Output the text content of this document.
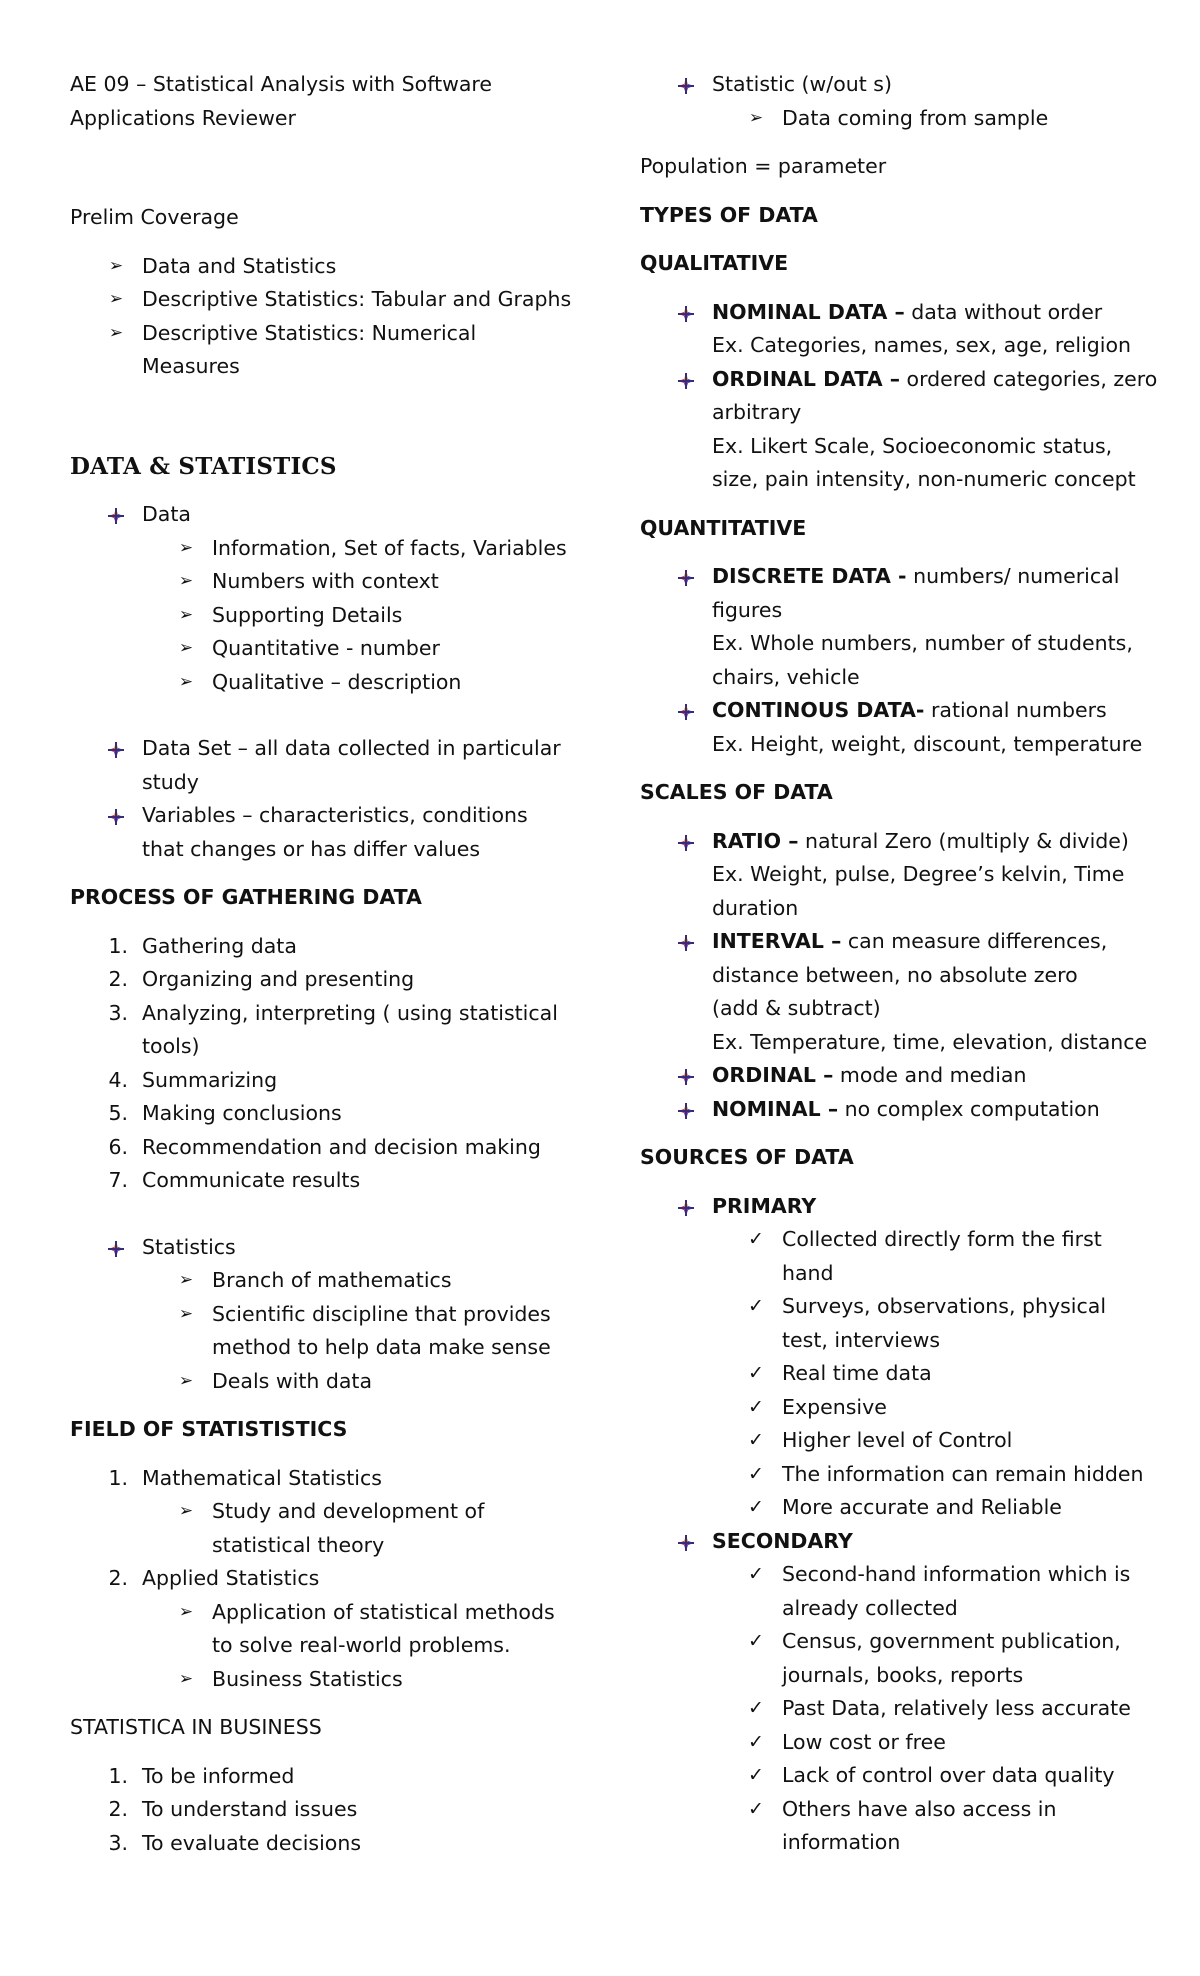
AE 09 – Statistical Analysis with Software

Applications Reviewer

Prelim Coverage

➢ Data and Statistics
➢ Descriptive Statistics: Tabular and Graphs
➢ Descriptive Statistics: Numerical
Measures

DATA & STATISTICS

Data
➢ Information, Set of facts, Variables
➢ Numbers with context
➢ Supporting Details
➢ Quantitative - number
➢ Qualitative – description
Data Set – all data collected in particular
study
Variables – characteristics, conditions
that changes or has differ values

PROCESS OF GATHERING DATA

1. Gathering data
2. Organizing and presenting
3. Analyzing, interpreting ( using statistical
tools)
4. Summarizing
5. Making conclusions
6. Recommendation and decision making
7. Communicate results
Statistics
➢ Branch of mathematics
➢ Scientific discipline that provides
method to help data make sense
➢ Deals with data

FIELD OF STATISTISTICS

1. Mathematical Statistics
➢ Study and development of
statistical theory
2. Applied Statistics
➢ Application of statistical methods
to solve real-world problems.
➢ Business Statistics

STATISTICA IN BUSINESS

1. To be informed
2. To understand issues
3. To evaluate decisions
Statistic (w/out s)
➢ Data coming from sample

Population = parameter

TYPES OF DATA

QUALITATIVE

NOMINAL DATA – data without order
Ex. Categories, names, sex, age, religion
ORDINAL DATA – ordered categories, zero
arbitrary
Ex. Likert Scale, Socioeconomic status,
size, pain intensity, non-numeric concept

QUANTITATIVE

DISCRETE DATA - numbers/ numerical
figures
Ex. Whole numbers, number of students,
chairs, vehicle
CONTINOUS DATA- rational numbers
Ex. Height, weight, discount, temperature

SCALES OF DATA

RATIO – natural Zero (multiply & divide)
Ex. Weight, pulse, Degree’s kelvin, Time
duration
INTERVAL – can measure differences,
distance between, no absolute zero
(add & subtract)
Ex. Temperature, time, elevation, distance
ORDINAL – mode and median
NOMINAL – no complex computation

SOURCES OF DATA

PRIMARY
✓ Collected directly form the first
hand
✓ Surveys, observations, physical
test, interviews
✓ Real time data
✓ Expensive
✓ Higher level of Control
✓ The information can remain hidden
✓ More accurate and Reliable
SECONDARY
✓ Second-hand information which is
already collected
✓ Census, government publication,
journals, books, reports
✓ Past Data, relatively less accurate
✓ Low cost or free
✓ Lack of control over data quality
✓ Others have also access in
information
